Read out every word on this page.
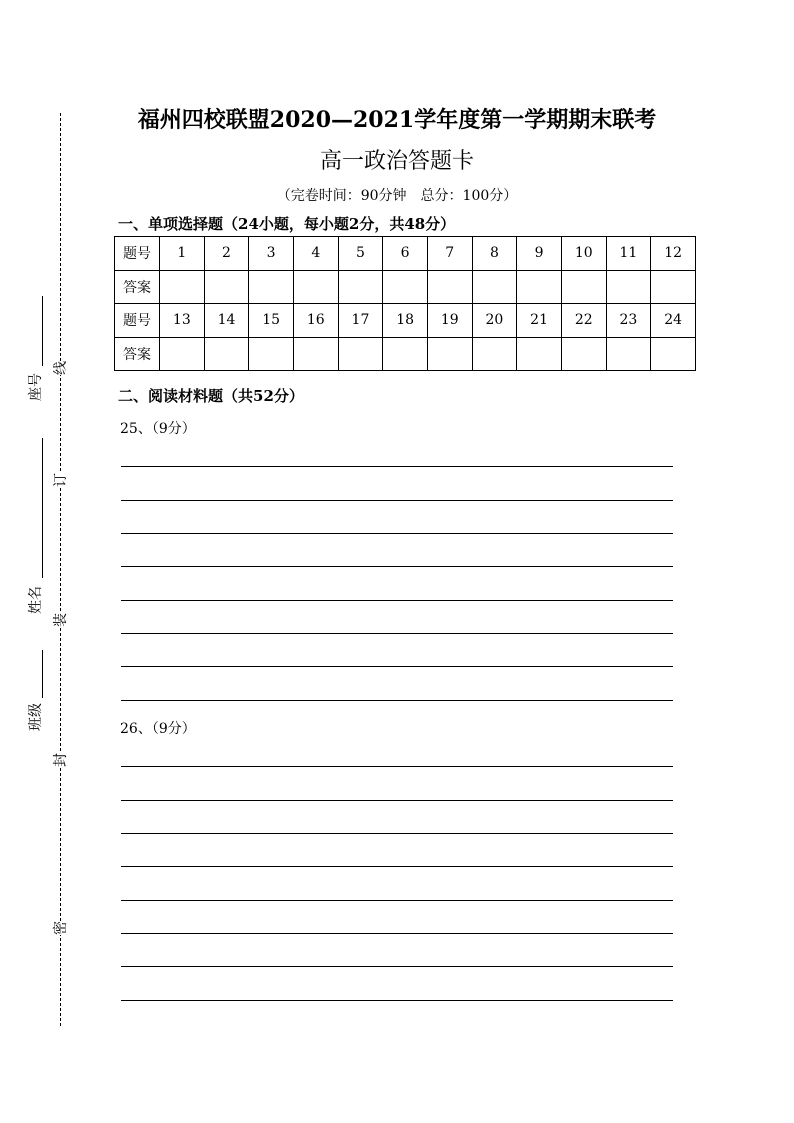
线
订
装
封
密
座号
姓名
班级
福州四校联盟2020—2021学年度第一学期期末联考
高一政治答题卡
（完卷时间：90分钟　总分：100分）
一、单项选择题（24小题，每小题2分，共48分）
题号	1	2	3	4	5	6	7	8	9	10	11	12
答案												
题号	13	14	15	16	17	18	19	20	21	22	23	24
答案												
二、阅读材料题（共52分）
25、（9分）
26、（9分）
